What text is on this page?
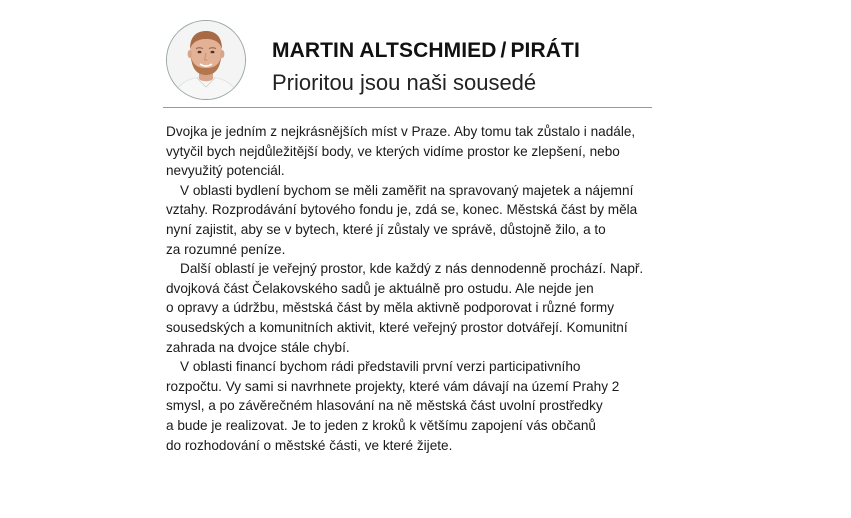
MARTIN ALTSCHMIED / PIRÁTI
Prioritou jsou naši sousedé
Dvojka je jedním z nejkrásnějších míst v Praze. Aby tomu tak zůstalo i nadále,
vytyčil bych nejdůležitější body, ve kterých vidíme prostor ke zlepšení, nebo
nevyužitý potenciál.
V oblasti bydlení bychom se měli zaměřit na spravovaný majetek a nájemní
vztahy. Rozprodávání bytového fondu je, zdá se, konec. Městská část by měla
nyní zajistit, aby se v bytech, které jí zůstaly ve správě, důstojně žilo, a to
za rozumné peníze.
Další oblastí je veřejný prostor, kde každý z nás dennodenně prochází. Např.
dvojková část Čelakovského sadů je aktuálně pro ostudu. Ale nejde jen
o opravy a údržbu, městská část by měla aktivně podporovat i různé formy
sousedských a komunitních aktivit, které veřejný prostor dotvářejí. Komunitní
zahrada na dvojce stále chybí.
V oblasti financí bychom rádi představili první verzi participativního
rozpočtu. Vy sami si navrhnete projekty, které vám dávají na území Prahy 2
smysl, a po závěrečném hlasování na ně městská část uvolní prostředky
a bude je realizovat. Je to jeden z kroků k většímu zapojení vás občanů
do rozhodování o městské části, ve které žijete.
